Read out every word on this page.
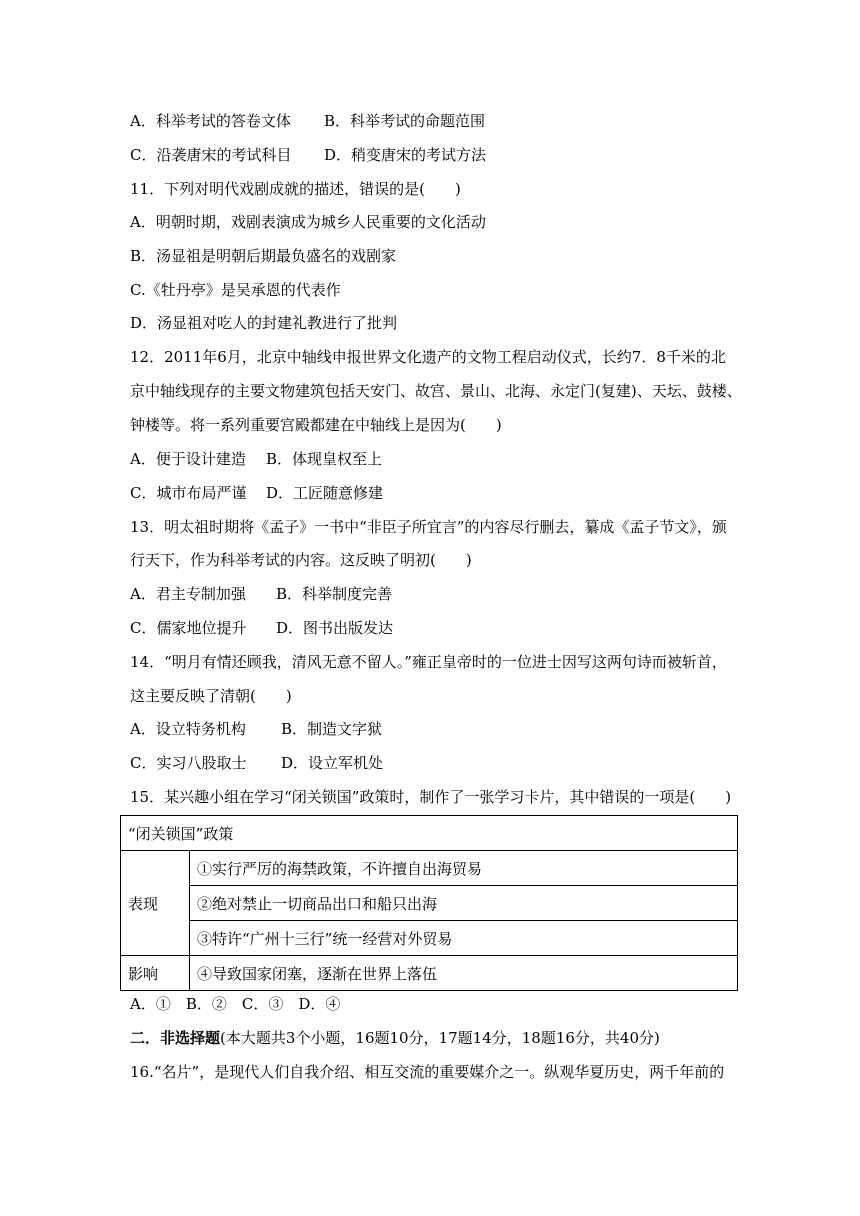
A．科举考试的答卷文体 B．科举考试的命题范围
C．沿袭唐宋的考试科目 D．稍变唐宋的考试方法
11．下列对明代戏剧成就的描述，错误的是(　　)
A．明朝时期，戏剧表演成为城乡人民重要的文化活动
B．汤显祖是明朝后期最负盛名的戏剧家
C.《牡丹亭》是吴承恩的代表作
D．汤显祖对吃人的封建礼教进行了批判
12．2011年6月，北京中轴线申报世界文化遗产的文物工程启动仪式，长约7．8千米的北
京中轴线现存的主要文物建筑包括天安门、故宫、景山、北海、永定门(复建)、天坛、鼓楼、
钟楼等。将一系列重要宫殿都建在中轴线上是因为(　　)
A．便于设计建造 B．体现皇权至上
C．城市布局严谨 D．工匠随意修建
13．明太祖时期将《孟子》一书中“非臣子所宜言”的内容尽行删去，纂成《孟子节文》，颁
行天下，作为科举考试的内容。这反映了明初(　　)
A．君主专制加强 B．科举制度完善
C．儒家地位提升 D．图书出版发达
14．“明月有情还顾我，清风无意不留人。”雍正皇帝时的一位进士因写这两句诗而被斩首，
这主要反映了清朝(　　)
A．设立特务机构 B．制造文字狱
C．实习八股取士 D．设立军机处
15．某兴趣小组在学习“闭关锁国”政策时，制作了一张学习卡片，其中错误的一项是(　　)
“闭关锁国”政策	
表现	①实行严厉的海禁政策，不许擅自出海贸易
	②绝对禁止一切商品出口和船只出海
	③特许“广州十三行”统一经营对外贸易
影响	④导致国家闭塞，逐渐在世界上落伍
A．①　B．②　C．③　D．④
二．非选择题(本大题共3个小题，16题10分，17题14分，18题16分，共40分)
16.“名片”，是现代人们自我介绍、相互交流的重要媒介之一。纵观华夏历史，两千年前的
